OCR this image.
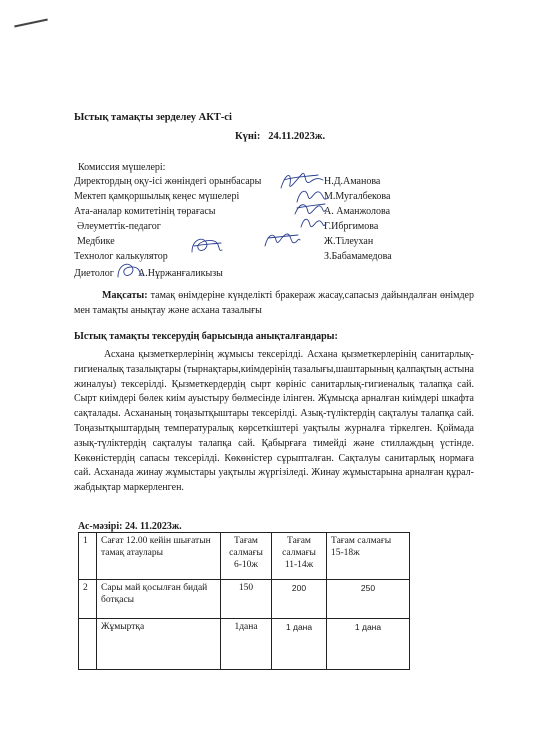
Ыстық тамақты зерделеу АКТ-сі
Күні: 24.11.2023ж.
Комиссия мүшелері:
Директордың оқу-ісі жөніндегі орынбасары	Н.Д.Аманова
Мектеп қамқоршылық кеңес мүшелері	М.Мугалбекова
Ата-аналар комитетінің төрағасы	А. Аманжолова
Әлеуметтік-педагог	Г.Ибргимова
Медбике	Ж.Тілеухан
Технолог калькулятор	З.Бабамамедова
Диетолог А.Нұржанғаликызы
Мақсаты: тамақ өнімдеріне күнделікті бракераж жасау,сапасыз дайындалған өнімдер мен тамақты анықтау және асхана тазалығы
Ыстық тамақты тексерудің барысында анықталғандары:
Асхана қызметкерлерінің жұмысы тексерілді. Асхана қызметкерлерінің санитарлық-гигиеналық тазалықтары (тырнақтары,киімдерінің тазалығы,шаштарының қалпақтың астына жиналуы) тексерілді. Қызметкердердің сырт көрініс санитарлық-гигиеналық талапқа сай. Сырт киімдері бөлек киім ауыстыру бөлмесінде ілінген. Жұмысқа арналған киімдері шкафта сақталады. Асхананың тоңазытқыштары тексерілді. Азық-түліктердің сақталуы талапқа сай. Тоңазытқыштардың температуралық көрсеткіштері уақтылы журналға тіркелген. Қоймада азық-түліктердің сақталуы талапқа сай. Қабырғаға тимейді және стиллаждың үстінде. Көкөністердің сапасы тексерілді. Көкөністер сұрыпталған. Сақталуы санитарлық нормаға сай. Асханада жинау жұмыстары уақтылы жүргізіледі. Жинау жұмыстарына арналған құрал-жабдықтар маркерленген.
Ас-мәзірі: 24. 11.2023ж.
1	Сағат 12.00 кейін шығатын тамақ атаулары	Тағам салмағы 6-10ж	Тағам салмағы 11-14ж	Тағам салмағы 15-18ж
2	Сары май қосылған бидай ботқасы	150	200	250
	Жұмыртқа	1дана	1 дана	1 дана
